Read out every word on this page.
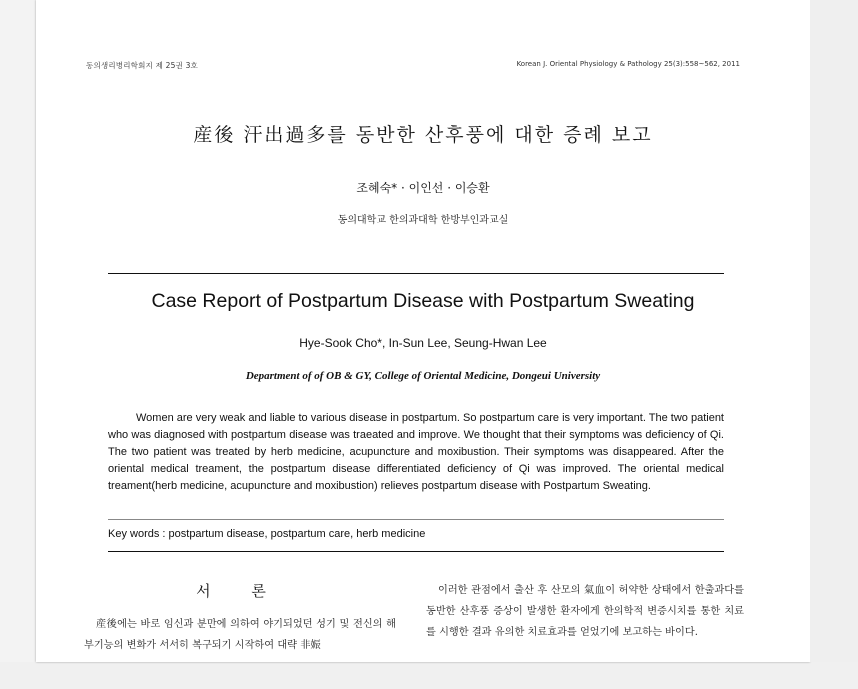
동의생리병리학회지 제 25권 3호	Korean J. Oriental Physiology & Pathology 25(3):558~562, 2011
産後 汗出過多를 동반한 산후풍에 대한 증례 보고
조혜숙* · 이인선 · 이승환
동의대학교 한의과대학 한방부인과교실
Case Report of Postpartum Disease with Postpartum Sweating
Hye-Sook Cho*, In-Sun Lee, Seung-Hwan Lee
Department of of OB & GY, College of Oriental Medicine, Dongeui University

Women are very weak and liable to various disease in postpartum. So postpartum care is very important. The two patient who was diagnosed with postpartum disease was traeated and improve. We thought that their symptoms was deficiency of Qi. The two patient was treated by herb medicine, acupuncture and moxibustion. Their symptoms was disappeared. After the oriental medical treament, the postpartum disease differentiated deficiency of Qi was improved. The oriental medical treament(herb medicine, acupuncture and moxibustion) relieves postpartum disease with Postpartum Sweating.

Key words : postpartum disease, postpartum care, herb medicine
서 론

産後에는 바로 임신과 분만에 의하여 야기되었던 성기 및 전신의 해부기능의 변화가 서서히 복구되기 시작하여 대략 非娠

이러한 관점에서 출산 후 산모의 氣血이 허약한 상태에서 한출과다를 동반한 산후풍 증상이 발생한 환자에게 한의학적 변증시치를 통한 치료를 시행한 결과 유의한 치료효과를 얻었기에 보고하는 바이다.
